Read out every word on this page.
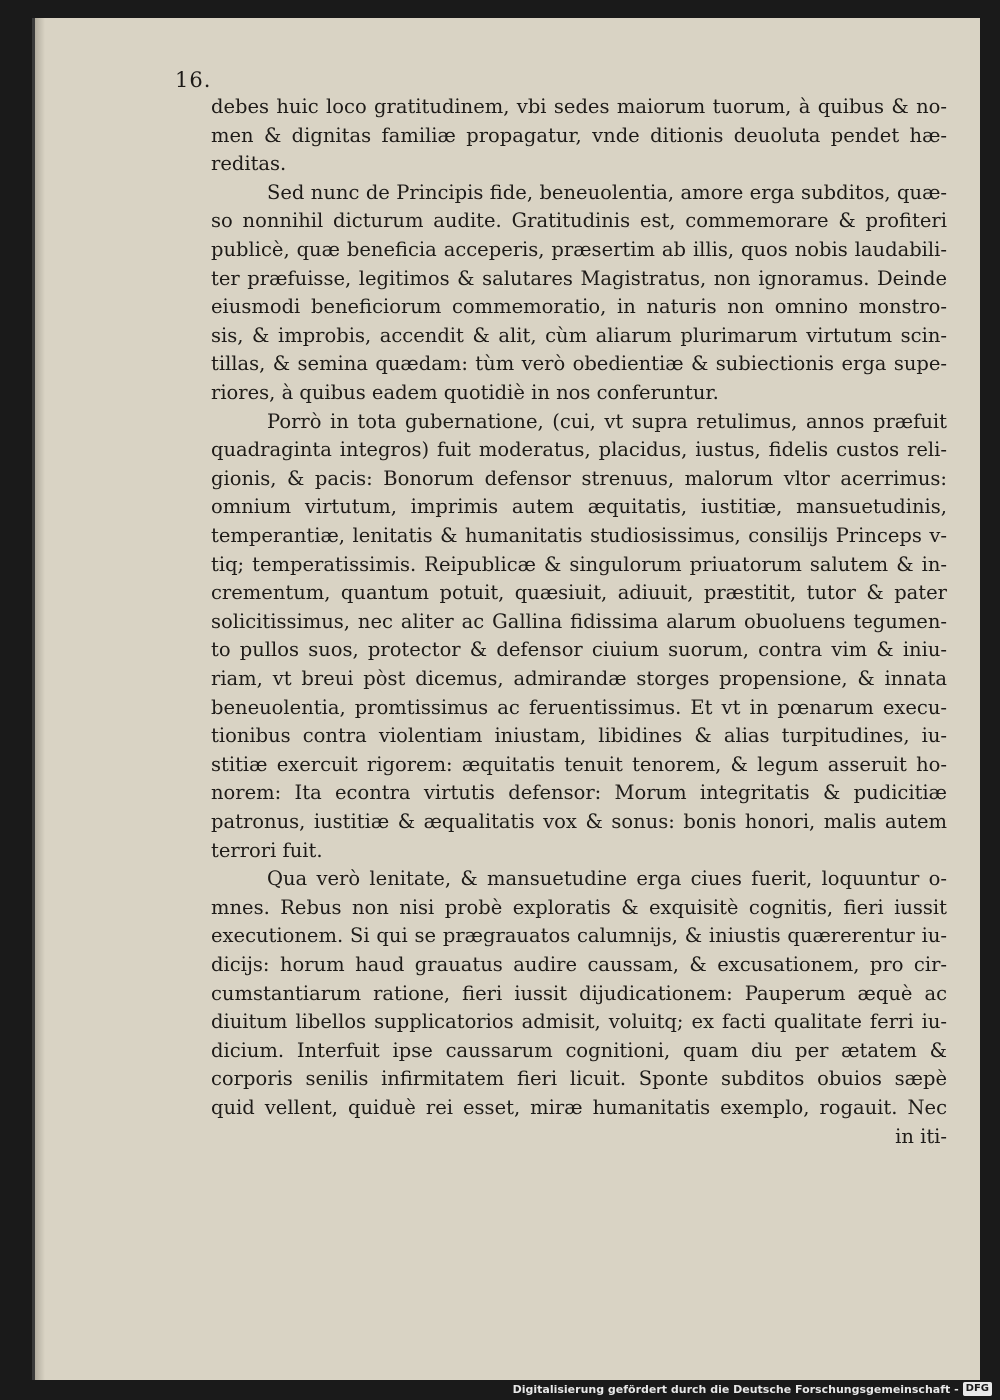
16.
debes huic loco gratitudinem, vbi sedes maiorum tuorum, à quibus & no-
men & dignitas familiæ propagatur, vnde ditionis deuoluta pendet hæ-
reditas.
Sed nunc de Principis fide, beneuolentia, amore erga subditos, quæ-
so nonnihil dicturum audite. Gratitudinis est, commemorare & profiteri
publicè, quæ beneficia acceperis, præsertim ab illis, quos nobis laudabili-
ter præfuisse, legitimos & salutares Magistratus, non ignoramus. Deinde
eiusmodi beneficiorum commemoratio, in naturis non omnino monstro-
sis, & improbis, accendit & alit, cùm aliarum plurimarum virtutum scin-
tillas, & semina quædam: tùm verò obedientiæ & subiectionis erga supe-
riores, à quibus eadem quotidiè in nos conferuntur.
Porrò in tota gubernatione, (cui, vt supra retulimus, annos præfuit
quadraginta integros) fuit moderatus, placidus, iustus, fidelis custos reli-
gionis, & pacis: Bonorum defensor strenuus, malorum vltor acerrimus:
omnium virtutum, imprimis autem æquitatis, iustitiæ, mansuetudinis,
temperantiæ, lenitatis & humanitatis studiosissimus, consilijs Princeps v-
tiq; temperatissimis. Reipublicæ & singulorum priuatorum salutem & in-
crementum, quantum potuit, quæsiuit, adiuuit, præstitit, tutor & pater
solicitissimus, nec aliter ac Gallina fidissima alarum obuoluens tegumen-
to pullos suos, protector & defensor ciuium suorum, contra vim & iniu-
riam, vt breui pòst dicemus, admirandæ storges propensione, & innata
beneuolentia, promtissimus ac feruentissimus. Et vt in pœnarum execu-
tionibus contra violentiam iniustam, libidines & alias turpitudines, iu-
stitiæ exercuit rigorem: æquitatis tenuit tenorem, & legum asseruit ho-
norem: Ita econtra virtutis defensor: Morum integritatis & pudicitiæ
patronus, iustitiæ & æqualitatis vox & sonus: bonis honori, malis autem
terrori fuit.
Qua verò lenitate, & mansuetudine erga ciues fuerit, loquuntur o-
mnes. Rebus non nisi probè exploratis & exquisitè cognitis, fieri iussit
executionem. Si qui se prægrauatos calumnijs, & iniustis quærerentur iu-
dicijs: horum haud grauatus audire caussam, & excusationem, pro cir-
cumstantiarum ratione, fieri iussit dijudicationem: Pauperum æquè ac
diuitum libellos supplicatorios admisit, voluitq; ex facti qualitate ferri iu-
dicium. Interfuit ipse caussarum cognitioni, quam diu per ætatem &
corporis senilis infirmitatem fieri licuit. Sponte subditos obuios sæpè
quid vellent, quiduè rei esset, miræ humanitatis exemplo, rogauit. Nec
in iti-
Digitalisierung gefördert durch die Deutsche Forschungsgemeinschaft - DFG
